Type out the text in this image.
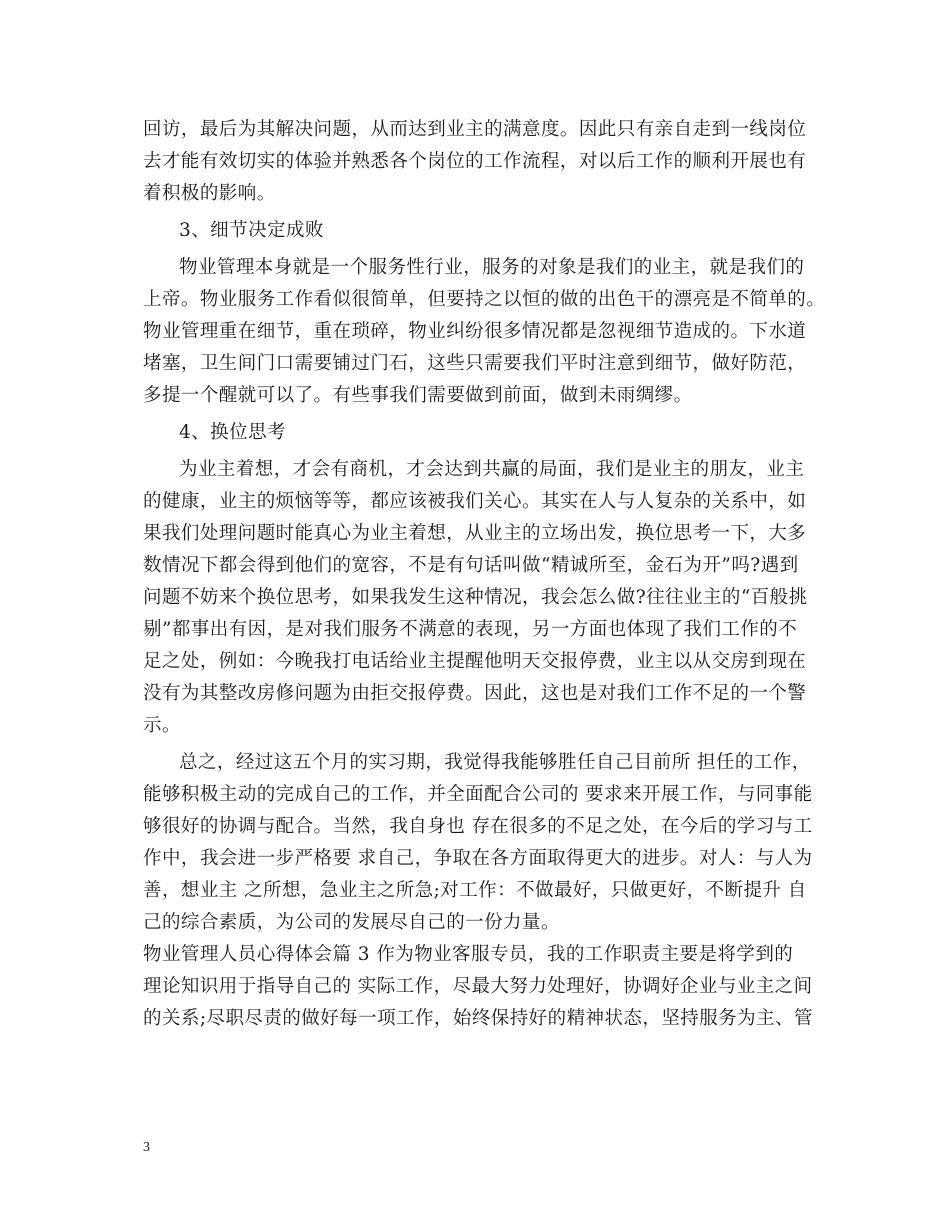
回访，最后为其解决问题，从而达到业主的满意度。因此只有亲自走到一线岗位
去才能有效切实的体验并熟悉各个岗位的工作流程，对以后工作的顺利开展也有
着积极的影响。
3、细节决定成败
物业管理本身就是一个服务性行业，服务的对象是我们的业主，就是我们的
上帝。物业服务工作看似很简单，但要持之以恒的做的出色干的漂亮是不简单的。
物业管理重在细节，重在琐碎，物业纠纷很多情况都是忽视细节造成的。下水道
堵塞，卫生间门口需要铺过门石，这些只需要我们平时注意到细节，做好防范，
多提一个醒就可以了。有些事我们需要做到前面，做到未雨绸缪。
4、换位思考
为业主着想，才会有商机，才会达到共赢的局面，我们是业主的朋友，业主
的健康，业主的烦恼等等，都应该被我们关心。其实在人与人复杂的关系中，如
果我们处理问题时能真心为业主着想，从业主的立场出发，换位思考一下，大多
数情况下都会得到他们的宽容，不是有句话叫做“精诚所至，金石为开”吗?遇到
问题不妨来个换位思考，如果我发生这种情况，我会怎么做?往往业主的“百般挑
剔”都事出有因，是对我们服务不满意的表现，另一方面也体现了我们工作的不
足之处，例如：今晚我打电话给业主提醒他明天交报停费，业主以从交房到现在
没有为其整改房修问题为由拒交报停费。因此，这也是对我们工作不足的一个警
示。
总之，经过这五个月的实习期，我觉得我能够胜任自己目前所 担任的工作，
能够积极主动的完成自己的工作，并全面配合公司的 要求来开展工作，与同事能
够很好的协调与配合。当然，我自身也 存在很多的不足之处，在今后的学习与工
作中，我会进一步严格要 求自己，争取在各方面取得更大的进步。对人：与人为
善，想业主 之所想，急业主之所急;对工作：不做最好，只做更好，不断提升 自
己的综合素质，为公司的发展尽自己的一份力量。
物业管理人员心得体会篇 3 作为物业客服专员，我的工作职责主要是将学到的
理论知识用于指导自己的 实际工作，尽最大努力处理好，协调好企业与业主之间
的关系;尽职尽责的做好每一项工作，始终保持好的精神状态，坚持服务为主、管
3
